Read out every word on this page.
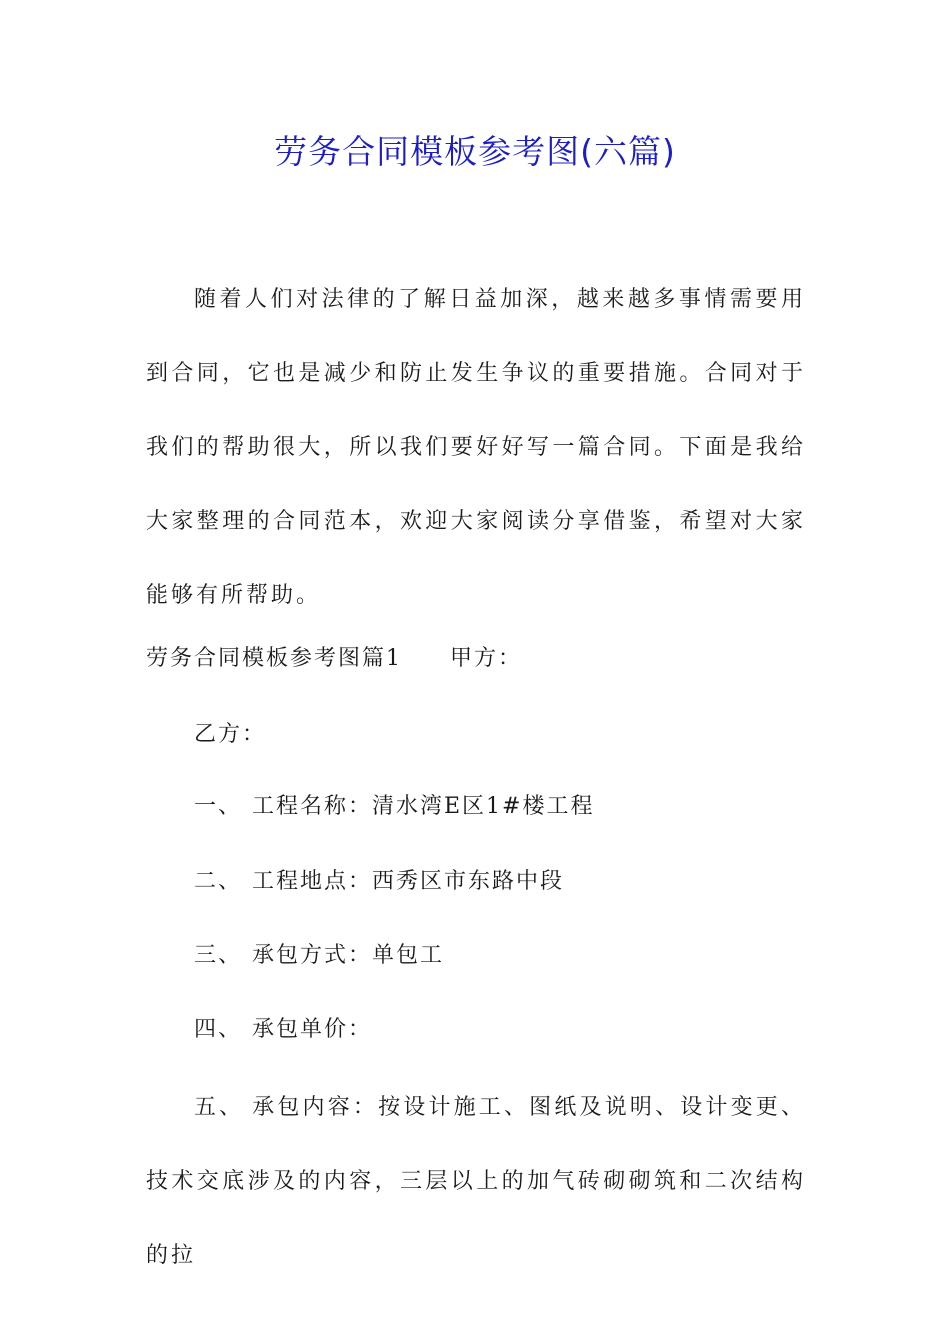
劳务合同模板参考图(六篇)

随着人们对法律的了解日益加深，越来越多事情需要用到合同，它也是减少和防止发生争议的重要措施。合同对于我们的帮助很大，所以我们要好好写一篇合同。下面是我给大家整理的合同范本，欢迎大家阅读分享借鉴，希望对大家能够有所帮助。

劳务合同模板参考图篇1 甲方：

乙方：

一、 工程名称：清水湾E区1#楼工程

二、 工程地点：西秀区市东路中段

三、 承包方式：单包工

四、 承包单价：

五、 承包内容：按设计施工、图纸及说明、设计变更、技术交底涉及的内容，三层以上的加气砖砌砌筑和二次结构的拉
